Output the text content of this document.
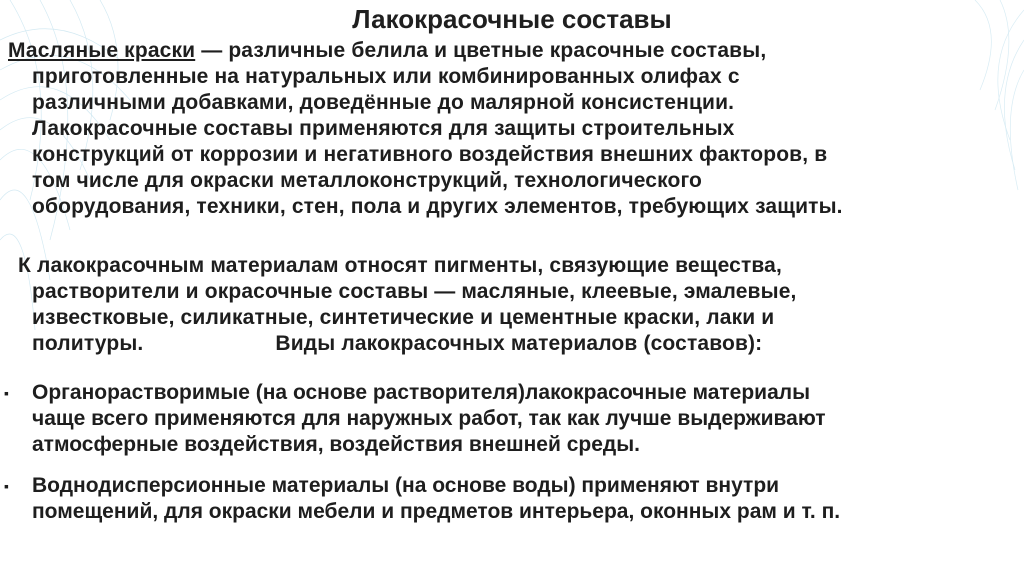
Лакокрасочные составы
Масляные краски — различные белила и цветные красочные составы,
приготовленные на натуральных или комбинированных олифах с
различными добавками, доведённые до малярной консистенции.
Лакокрасочные составы применяются для защиты строительных
конструкций от коррозии и негативного воздействия внешних факторов, в
том числе для окраски металлоконструкций, технологического
оборудования, техники, стен, пола и других элементов, требующих защиты.
К лакокрасочным материалам относят пигменты, связующие вещества,
растворители и окрасочные составы — масляные, клеевые, эмалевые,
известковые, силикатные, синтетические и цементные краски, лаки и
политуры.	Виды лакокрасочных материалов (составов):
▪ Органорастворимые (на основе растворителя)лакокрасочные материалы
чаще всего применяются для наружных работ, так как лучше выдерживают
атмосферные воздействия, воздействия внешней среды.
▪ Воднодисперсионные материалы (на основе воды) применяют внутри
помещений, для окраски мебели и предметов интерьера, оконных рам и т. п.
